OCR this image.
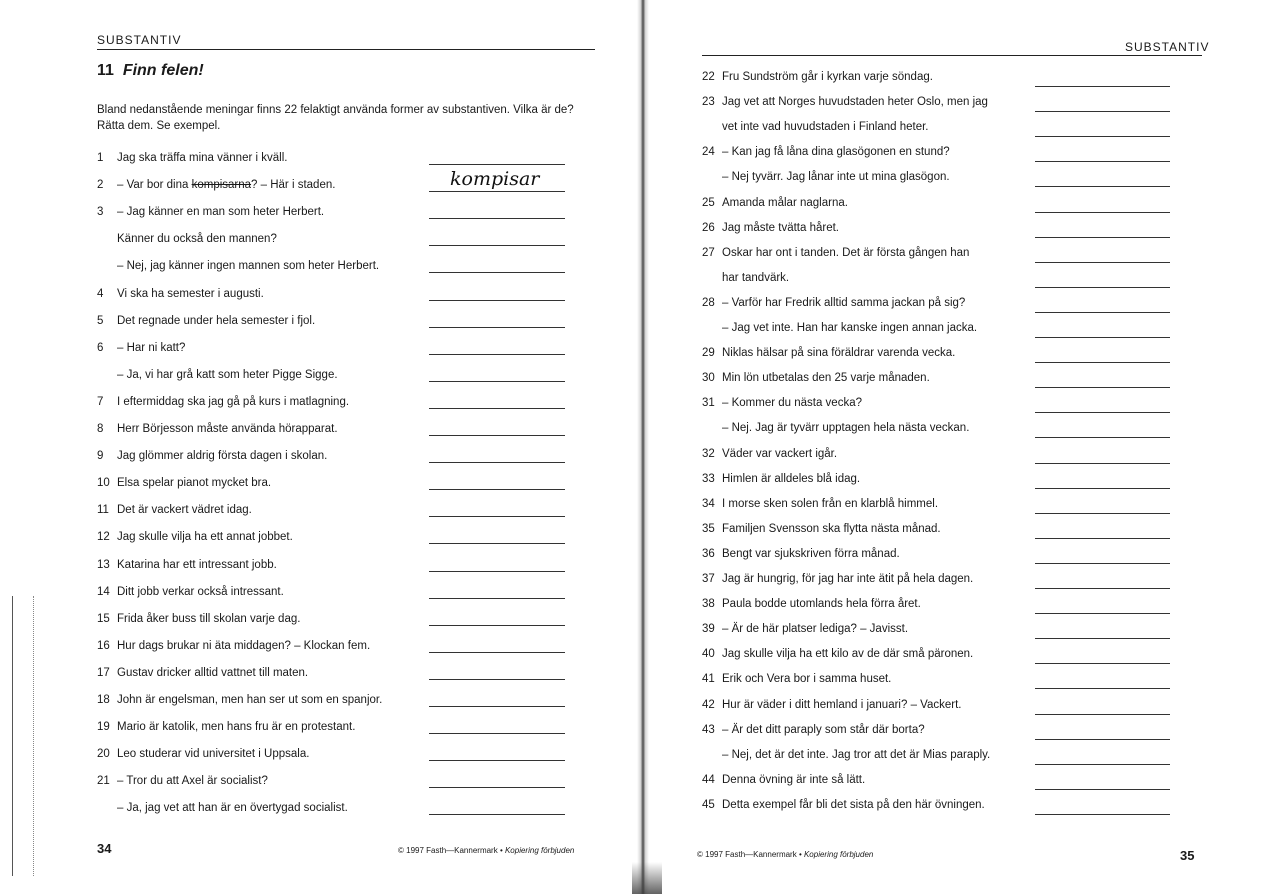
SUBSTANTIV
11 Finn felen!
Bland nedanstående meningar finns 22 felaktigt använda former av substantiven. Vilka är de? Rätta dem. Se exempel.
1 Jag ska träffa mina vänner i kväll.
2 – Var bor dina kompisarna? – Här i staden.
3 – Jag känner en man som heter Herbert.
Känner du också den mannen?
– Nej, jag känner ingen mannen som heter Herbert.
4 Vi ska ha semester i augusti.
5 Det regnade under hela semester i fjol.
6 – Har ni katt?
– Ja, vi har grå katt som heter Pigge Sigge.
7 I eftermiddag ska jag gå på kurs i matlagning.
8 Herr Börjesson måste använda hörapparat.
9 Jag glömmer aldrig första dagen i skolan.
10 Elsa spelar pianot mycket bra.
11 Det är vackert vädret idag.
12 Jag skulle vilja ha ett annat jobbet.
13 Katarina har ett intressant jobb.
14 Ditt jobb verkar också intressant.
15 Frida åker buss till skolan varje dag.
16 Hur dags brukar ni äta middagen? – Klockan fem.
17 Gustav dricker alltid vattnet till maten.
18 John är engelsman, men han ser ut som en spanjor.
19 Mario är katolik, men hans fru är en protestant.
20 Leo studerar vid universitet i Uppsala.
21 – Tror du att Axel är socialist?
– Ja, jag vet att han är en övertygad socialist.
kompisar
34	© 1997 Fasth—Kannermark • Kopiering förbjuden
SUBSTANTIV
22 Fru Sundström går i kyrkan varje söndag.
23 Jag vet att Norges huvudstaden heter Oslo, men jag
vet inte vad huvudstaden i Finland heter.
24 – Kan jag få låna dina glasögonen en stund?
– Nej tyvärr. Jag lånar inte ut mina glasögon.
25 Amanda målar naglarna.
26 Jag måste tvätta håret.
27 Oskar har ont i tanden. Det är första gången han
har tandvärk.
28 – Varför har Fredrik alltid samma jackan på sig?
– Jag vet inte. Han har kanske ingen annan jacka.
29 Niklas hälsar på sina föräldrar varenda vecka.
30 Min lön utbetalas den 25 varje månaden.
31 – Kommer du nästa vecka?
– Nej. Jag är tyvärr upptagen hela nästa veckan.
32 Väder var vackert igår.
33 Himlen är alldeles blå idag.
34 I morse sken solen från en klarblå himmel.
35 Familjen Svensson ska flytta nästa månad.
36 Bengt var sjukskriven förra månad.
37 Jag är hungrig, för jag har inte ätit på hela dagen.
38 Paula bodde utomlands hela förra året.
39 – Är de här platser lediga? – Javisst.
40 Jag skulle vilja ha ett kilo av de där små päronen.
41 Erik och Vera bor i samma huset.
42 Hur är väder i ditt hemland i januari? – Vackert.
43 – Är det ditt paraply som står där borta?
– Nej, det är det inte. Jag tror att det är Mias paraply.
44 Denna övning är inte så lätt.
45 Detta exempel får bli det sista på den här övningen.
© 1997 Fasth—Kannermark • Kopiering förbjuden	35
